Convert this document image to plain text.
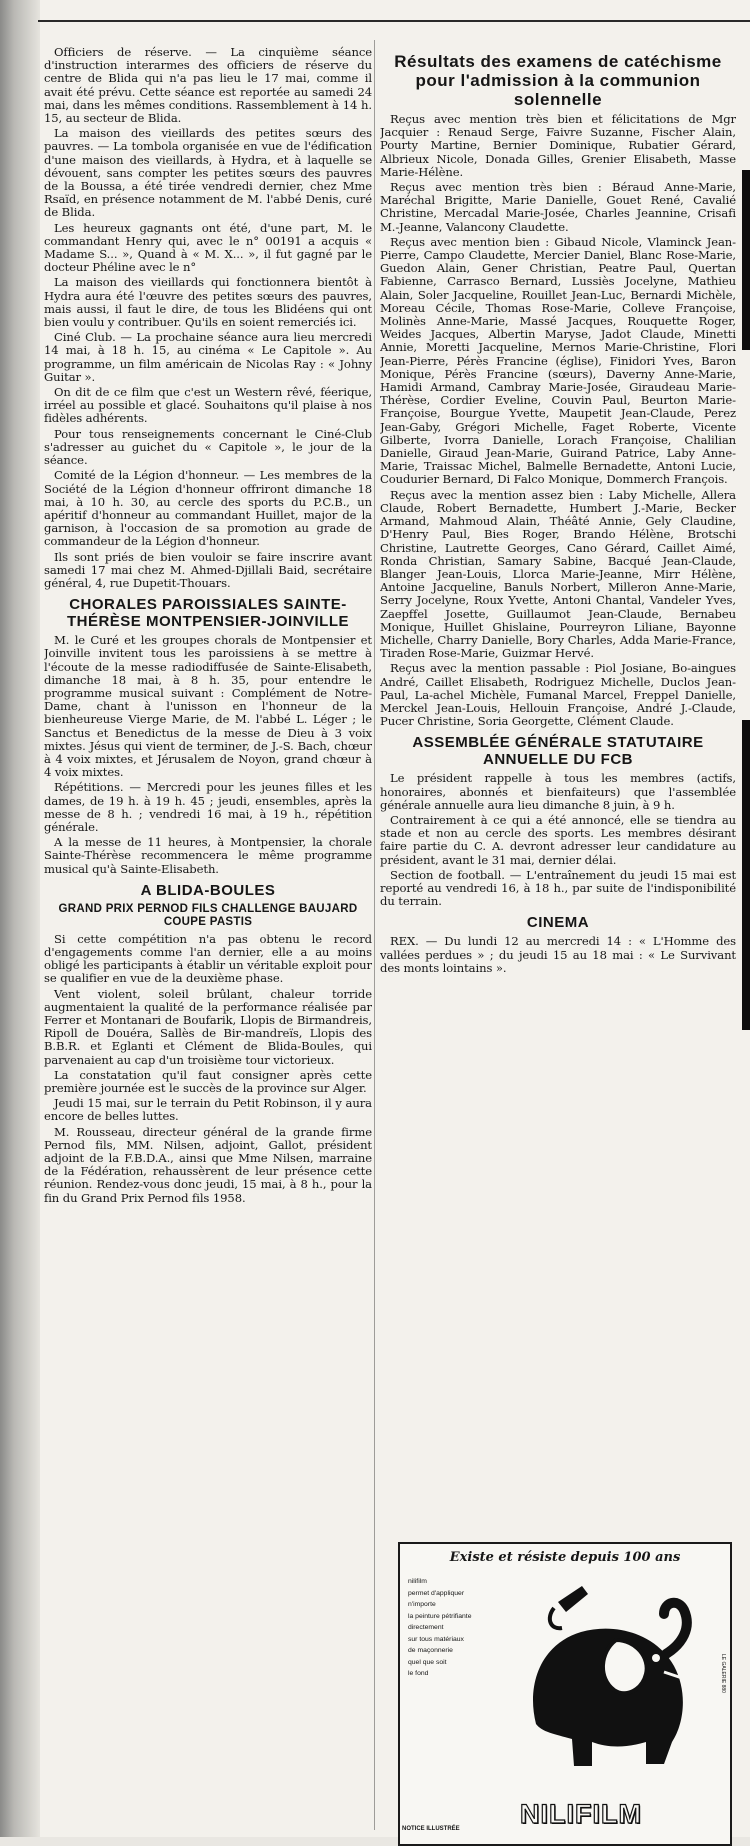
Officiers de réserve. — La cinquième séance d'instruction interarmes des officiers de réserve du centre de Blida qui n'a pas lieu le 17 mai, comme il avait été prévu. Cette séance est reportée au samedi 24 mai, dans les mêmes conditions. Rassemblement à 14 h. 15, au secteur de Blida.

La maison des vieillards des petites sœurs des pauvres. — La tombola organisée en vue de l'édification d'une maison des vieillards, à Hydra, et à laquelle se dévouent, sans compter les petites sœurs des pauvres de la Boussa, a été tirée vendredi dernier, chez Mme Rsaïd, en présence notamment de M. l'abbé Denis, curé de Blida.

Les heureux gagnants ont été, d'une part, M. le commandant Henry qui, avec le n° 00191 a acquis « Madame S... », Quand à « M. X... », il fut gagné par le docteur Phéline avec le n°

La maison des vieillards qui fonctionnera bientôt à Hydra aura été l'œuvre des petites sœurs des pauvres, mais aussi, il faut le dire, de tous les Blidéens qui ont bien voulu y contribuer. Qu'ils en soient remerciés ici.

Ciné Club. — La prochaine séance aura lieu mercredi 14 mai, à 18 h. 15, au cinéma « Le Capitole ». Au programme, un film américain de Nicolas Ray : « Johny Guitar ».

On dit de ce film que c'est un Western rêvé, féerique, irréel au possible et glacé. Souhaitons qu'il plaise à nos fidèles adhérents.

Pour tous renseignements concernant le Ciné-Club s'adresser au guichet du « Capitole », le jour de la séance.

Comité de la Légion d'honneur. — Les membres de la Société de la Légion d'honneur offriront dimanche 18 mai, à 10 h. 30, au cercle des sports du P.C.B., un apéritif d'honneur au commandant Huillet, major de la garnison, à l'occasion de sa promotion au grade de commandeur de la Légion d'honneur.

Ils sont priés de bien vouloir se faire inscrire avant samedi 17 mai chez M. Ahmed-Djillali Baid, secrétaire général, 4, rue Dupetit-Thouars.

CHORALES PAROISSIALES SAINTE-THÉRÈSE MONTPENSIER-JOINVILLE

M. le Curé et les groupes chorals de Montpensier et Joinville invitent tous les paroissiens à se mettre à l'écoute de la messe radiodiffusée de Sainte-Elisabeth, dimanche 18 mai, à 8 h. 35, pour entendre le programme musical suivant : Complément de Notre-Dame, chant à l'unisson en l'honneur de la bienheureuse Vierge Marie, de M. l'abbé L. Léger ; le Sanctus et Benedictus de la messe de Dieu à 3 voix mixtes. Jésus qui vient de terminer, de J.-S. Bach, chœur à 4 voix mixtes, et Jérusalem de Noyon, grand chœur à 4 voix mixtes.

Répétitions. — Mercredi pour les jeunes filles et les dames, de 19 h. à 19 h. 45 ; jeudi, ensembles, après la messe de 8 h. ; vendredi 16 mai, à 19 h., répétition générale.

A la messe de 11 heures, à Montpensier, la chorale Sainte-Thérèse recommencera le même programme musical qu'à Sainte-Elisabeth.

A BLIDA-BOULES
GRAND PRIX PERNOD FILS CHALLENGE BAUJARD COUPE PASTIS

Si cette compétition n'a pas obtenu le record d'engagements comme l'an dernier, elle a au moins obligé les participants à établir un véritable exploit pour se qualifier en vue de la deuxième phase.

Vent violent, soleil brûlant, chaleur torride augmentaient la qualité de la performance réalisée par Ferrer et Montanari de Boufarik, Llopis de Birmandreis, Ripoll de Douéra, Sallès de Bir-mandreïs, Llopis des B.B.R. et Eglanti et Clément de Blida-Boules, qui parvenaient au cap d'un troisième tour victorieux.

La constatation qu'il faut consigner après cette première journée est le succès de la province sur Alger.

Jeudi 15 mai, sur le terrain du Petit Robinson, il y aura encore de belles luttes.

M. Rousseau, directeur général de la grande firme Pernod fils, MM. Nilsen, adjoint, Gallot, président adjoint de la F.B.D.A., ainsi que Mme Nilsen, marraine de la Fédération, rehaussèrent de leur présence cette réunion. Rendez-vous donc jeudi, 15 mai, à 8 h., pour la fin du Grand Prix Pernod fils 1958.

Résultats des examens de catéchisme pour l'admission à la communion solennelle

Reçus avec mention très bien et félicitations de Mgr Jacquier : Renaud Serge, Faivre Suzanne, Fischer Alain, Pourty Martine, Bernier Dominique, Rubatier Gérard, Albrieux Nicole, Donada Gilles, Grenier Elisabeth, Masse Marie-Hélène.

Reçus avec mention très bien : Béraud Anne-Marie, Maréchal Brigitte, Marie Danielle, Gouet René, Cavalié Christine, Mercadal Marie-Josée, Charles Jeannine, Crisafi M.-Jeanne, Valancony Claudette.

Reçus avec mention bien : Gibaud Nicole, Vlaminck Jean-Pierre, Campo Claudette, Mercier Daniel, Blanc Rose-Marie, Guedon Alain, Gener Christian, Peatre Paul, Quertan Fabienne, Carrasco Bernard, Lussiès Jocelyne, Mathieu Alain, Soler Jacqueline, Rouillet Jean-Luc, Bernardi Michèle, Moreau Cécile, Thomas Rose-Marie, Colleve Françoise, Molinès Anne-Marie, Massé Jacques, Rouquette Roger, Weides Jacques, Albertin Maryse, Jadot Claude, Minetti Annie, Moretti Jacqueline, Mernos Marie-Christine, Flori Jean-Pierre, Pérès Francine (église), Finidori Yves, Baron Monique, Pérès Francine (sœurs), Daverny Anne-Marie, Hamidi Armand, Cambray Marie-Josée, Giraudeau Marie-Thérèse, Cordier Eveline, Couvin Paul, Beurton Marie-Françoise, Bourgue Yvette, Maupetit Jean-Claude, Perez Jean-Gaby, Grégori Michelle, Faget Roberte, Vicente Gilberte, Ivorra Danielle, Lorach Françoise, Chalilian Danielle, Giraud Jean-Marie, Guirand Patrice, Laby Anne-Marie, Traissac Michel, Balmelle Bernadette, Antoni Lucie, Coudurier Bernard, Di Falco Monique, Dommerch François.

Reçus avec la mention assez bien : Laby Michelle, Allera Claude, Robert Bernadette, Humbert J.-Marie, Becker Armand, Mahmoud Alain, Théâté Annie, Gely Claudine, D'Henry Paul, Bies Roger, Brando Hélène, Brotschi Christine, Lautrette Georges, Cano Gérard, Caillet Aimé, Ronda Christian, Samary Sabine, Bacqué Jean-Claude, Blanger Jean-Louis, Llorca Marie-Jeanne, Mirr Hélène, Antoine Jacqueline, Banuls Norbert, Milleron Anne-Marie, Serry Jocelyne, Roux Yvette, Antoni Chantal, Vandeler Yves, Zaepffel Josette, Guillaumot Jean-Claude, Bernabeu Monique, Huillet Ghislaine, Pourreyron Liliane, Bayonne Michelle, Charry Danielle, Bory Charles, Adda Marie-France, Tiraden Rose-Marie, Guizmar Hervé.

Reçus avec la mention passable : Piol Josiane, Bo-aingues André, Caillet Elisabeth, Rodriguez Michelle, Duclos Jean-Paul, La-achel Michèle, Fumanal Marcel, Freppel Danielle, Merckel Jean-Louis, Hellouin Françoise, André J.-Claude, Pucer Christine, Soria Georgette, Clément Claude.

ASSEMBLÉE GÉNÉRALE STATUTAIRE ANNUELLE DU FCB

Le président rappelle à tous les membres (actifs, honoraires, abonnés et bienfaiteurs) que l'assemblée générale annuelle aura lieu dimanche 8 juin, à 9 h.

Contrairement à ce qui a été annoncé, elle se tiendra au stade et non au cercle des sports. Les membres désirant faire partie du C. A. devront adresser leur candidature au président, avant le 31 mai, dernier délai.

Section de football. — L'entraînement du jeudi 15 mai est reporté au vendredi 16, à 18 h., par suite de l'indisponibilité du terrain.

CINEMA

REX. — Du lundi 12 au mercredi 14 : « L'Homme des vallées perdues » ; du jeudi 15 au 18 mai : « Le Survivant des monts lointains ».

Existe et résiste depuis 100 ans
nilifilm
permet d'appliquer
n'importe
la peinture pétrifiante
directement
sur tous matériaux
de maçonnerie
quel que soit
le fond	LE GALERIE 880
NILIFILM
NOTICE ILLUSTRÉE
